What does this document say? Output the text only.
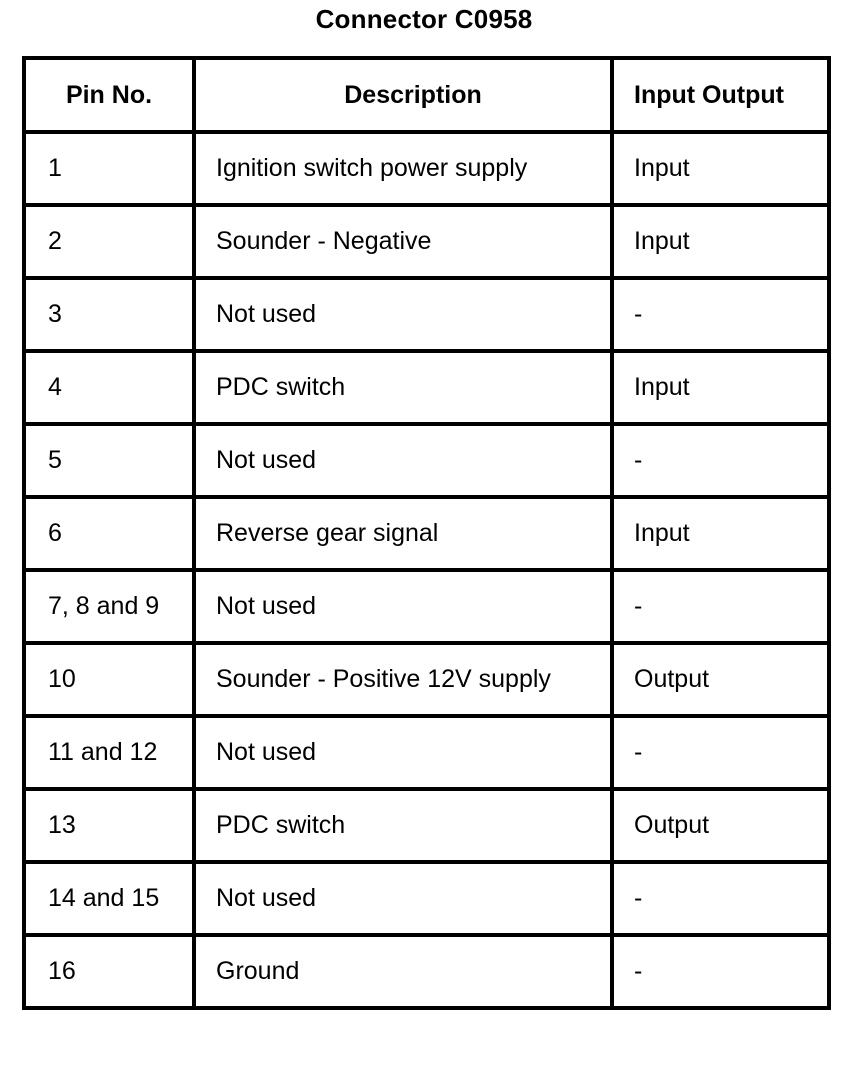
Connector C0958
Pin No.	Description	Input Output
1	Ignition switch power supply	Input
2	Sounder - Negative	Input
3	Not used	-
4	PDC switch	Input
5	Not used	-
6	Reverse gear signal	Input
7, 8 and 9	Not used	-
10	Sounder - Positive 12V supply	Output
11 and 12	Not used	-
13	PDC switch	Output
14 and 15	Not used	-
16	Ground	-
